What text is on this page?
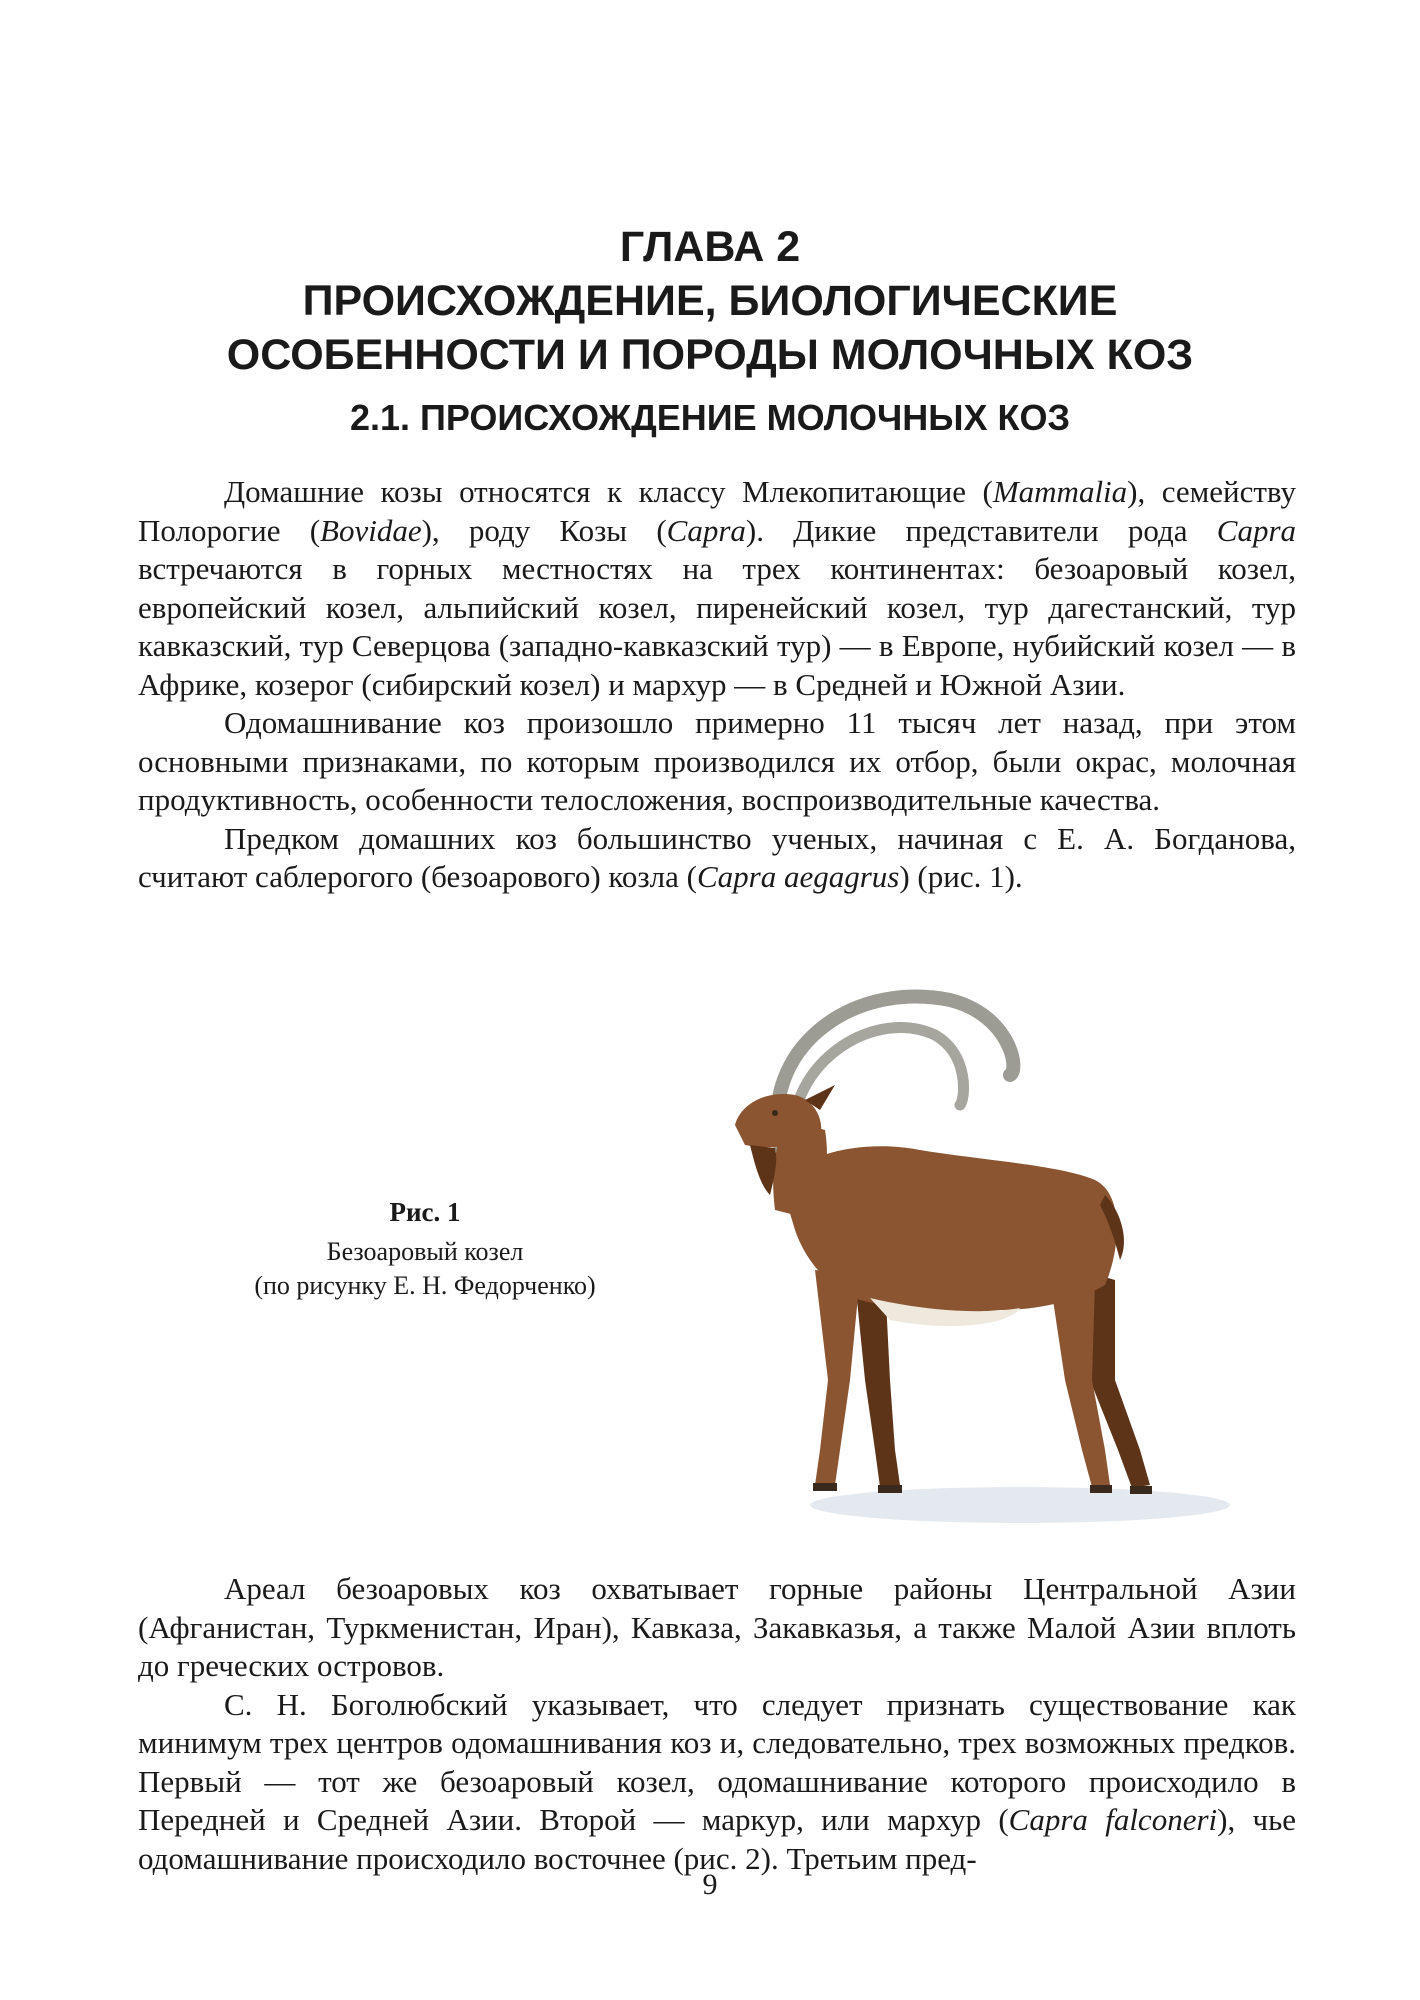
ГЛАВА 2
ПРОИСХОЖДЕНИЕ, БИОЛОГИЧЕСКИЕ
ОСОБЕННОСТИ И ПОРОДЫ МОЛОЧНЫХ КОЗ
2.1. ПРОИСХОЖДЕНИЕ МОЛОЧНЫХ КОЗ

Домашние козы относятся к классу Млекопитающие (Mammalia), семейству Полорогие (Bovidae), роду Козы (Capra). Дикие представители рода Capra встречаются в горных местностях на трех континентах: безоаровый козел, европейский козел, альпийский козел, пиренейский козел, тур дагестанский, тур кавказский, тур Северцова (западно-кавказский тур) — в Европе, нубийский козел — в Африке, козерог (сибирский козел) и мархур — в Средней и Южной Азии.

Одомашнивание коз произошло примерно 11 тысяч лет назад, при этом основными признаками, по которым производился их отбор, были окрас, молочная продуктивность, особенности телосложения, воспроизводительные качества.

Предком домашних коз большинство ученых, начиная с Е. А. Богданова, считают саблерогого (безоарового) козла (Capra aegagrus) (рис. 1).

Рис. 1
Безоаровый козел
(по рисунку Е. Н. Федорченко)

Ареал безоаровых коз охватывает горные районы Центральной Азии (Афганистан, Туркменистан, Иран), Кавказа, Закавказья, а также Малой Азии вплоть до греческих островов.

С. Н. Боголюбский указывает, что следует признать существование как минимум трех центров одомашнивания коз и, следовательно, трех возможных предков. Первый — тот же безоаровый козел, одомашнивание которого происходило в Передней и Средней Азии. Второй — маркур, или мархур (Capra falconeri), чье одомашнивание происходило восточнее (рис. 2). Третьим пред-

9
